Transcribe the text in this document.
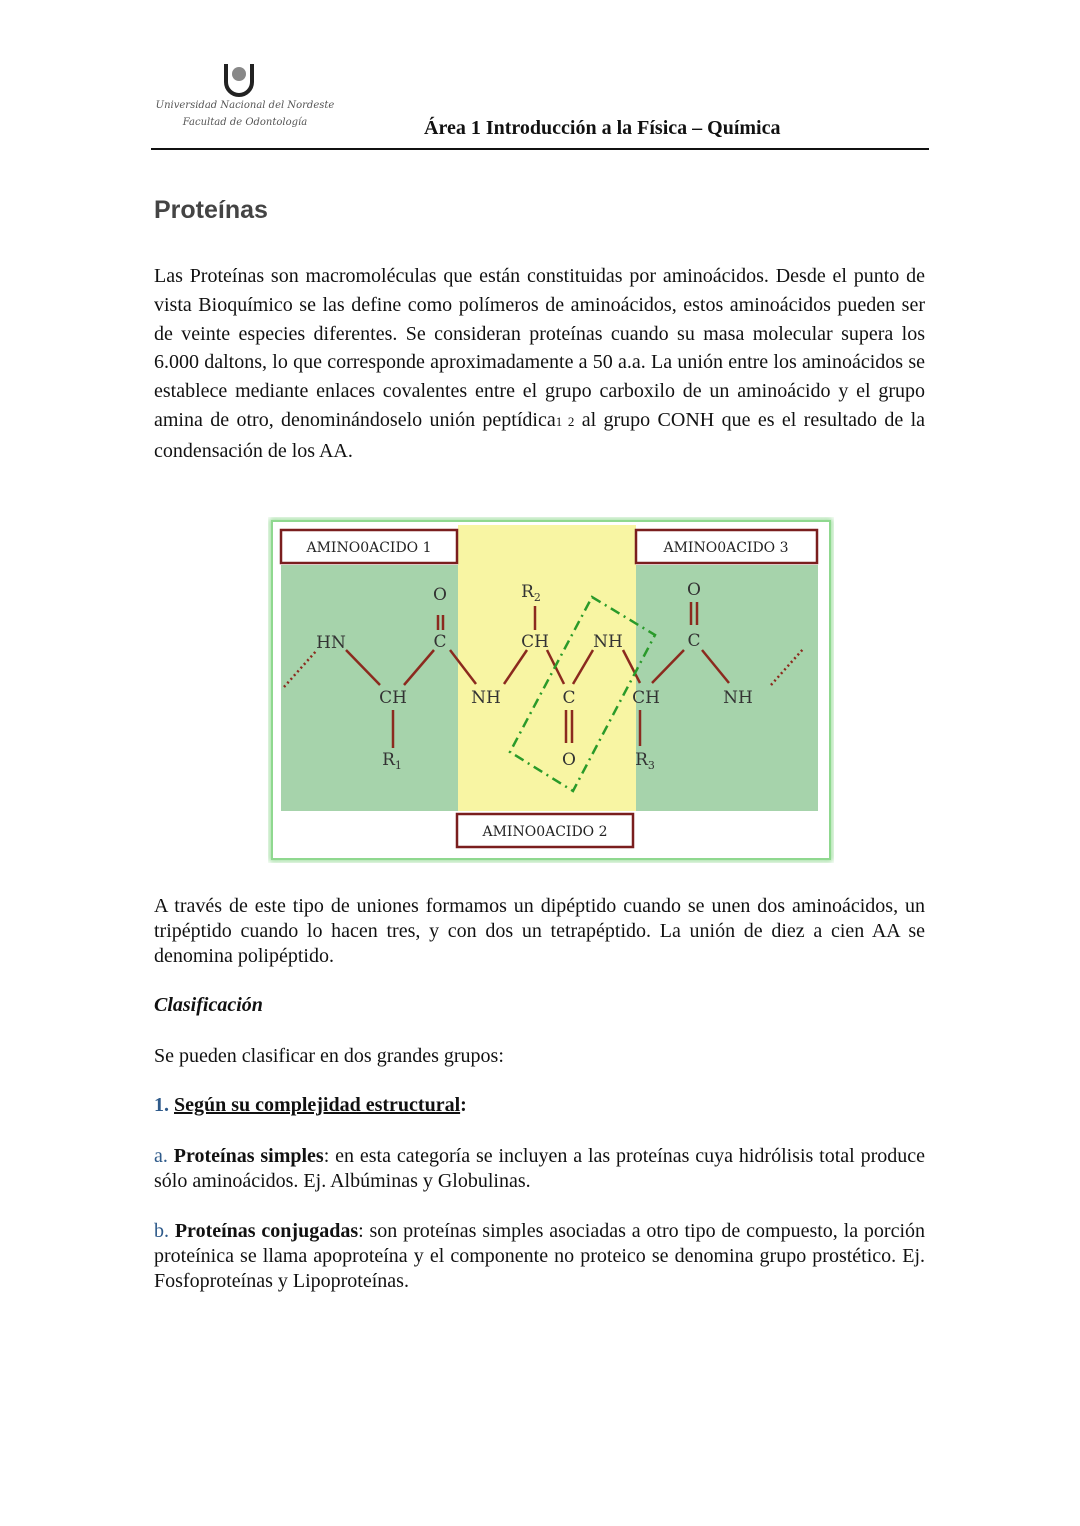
Universidad Nacional del Nordeste
Facultad de Odontología	Área 1 Introducción a la Física – Química
Proteínas

Las Proteínas son macromoléculas que están constituidas por aminoácidos. Desde el punto de vista Bioquímico se las define como polímeros de aminoácidos, estos aminoácidos pueden ser de veinte especies diferentes. Se consideran proteínas cuando su masa molecular supera los 6.000 daltons, lo que corresponde aproximadamente a 50 a.a. La unión entre los aminoácidos se establece mediante enlaces covalentes entre el grupo carboxilo de un aminoácido y el grupo amina de otro, denominándoselo unión peptídica1 2 al grupo CONH que es el resultado de la condensación de los AA.

AMINO0ACIDO 1	AMINO0ACIDO 3
AMINO0ACIDO 2
HN
CH
$R_1$
O
C
NH
$R_2$
CH
C
O
NH
CH
$R_3$
O
C
NH

A través de este tipo de uniones formamos un dipéptido cuando se unen dos aminoácidos, un tripéptido cuando lo hacen tres, y con dos un tetrapéptido. La unión de diez a cien AA se denomina polipéptido.

Clasificación

Se pueden clasificar en dos grandes grupos:

1. Según su complejidad estructural:

a. Proteínas simples: en esta categoría se incluyen a las proteínas cuya hidrólisis total produce sólo aminoácidos. Ej. Albúminas y Globulinas.

b. Proteínas conjugadas: son proteínas simples asociadas a otro tipo de compuesto, la porción proteínica se llama apoproteína y el componente no proteico se denomina grupo prostético. Ej. Fosfoproteínas y Lipoproteínas.
